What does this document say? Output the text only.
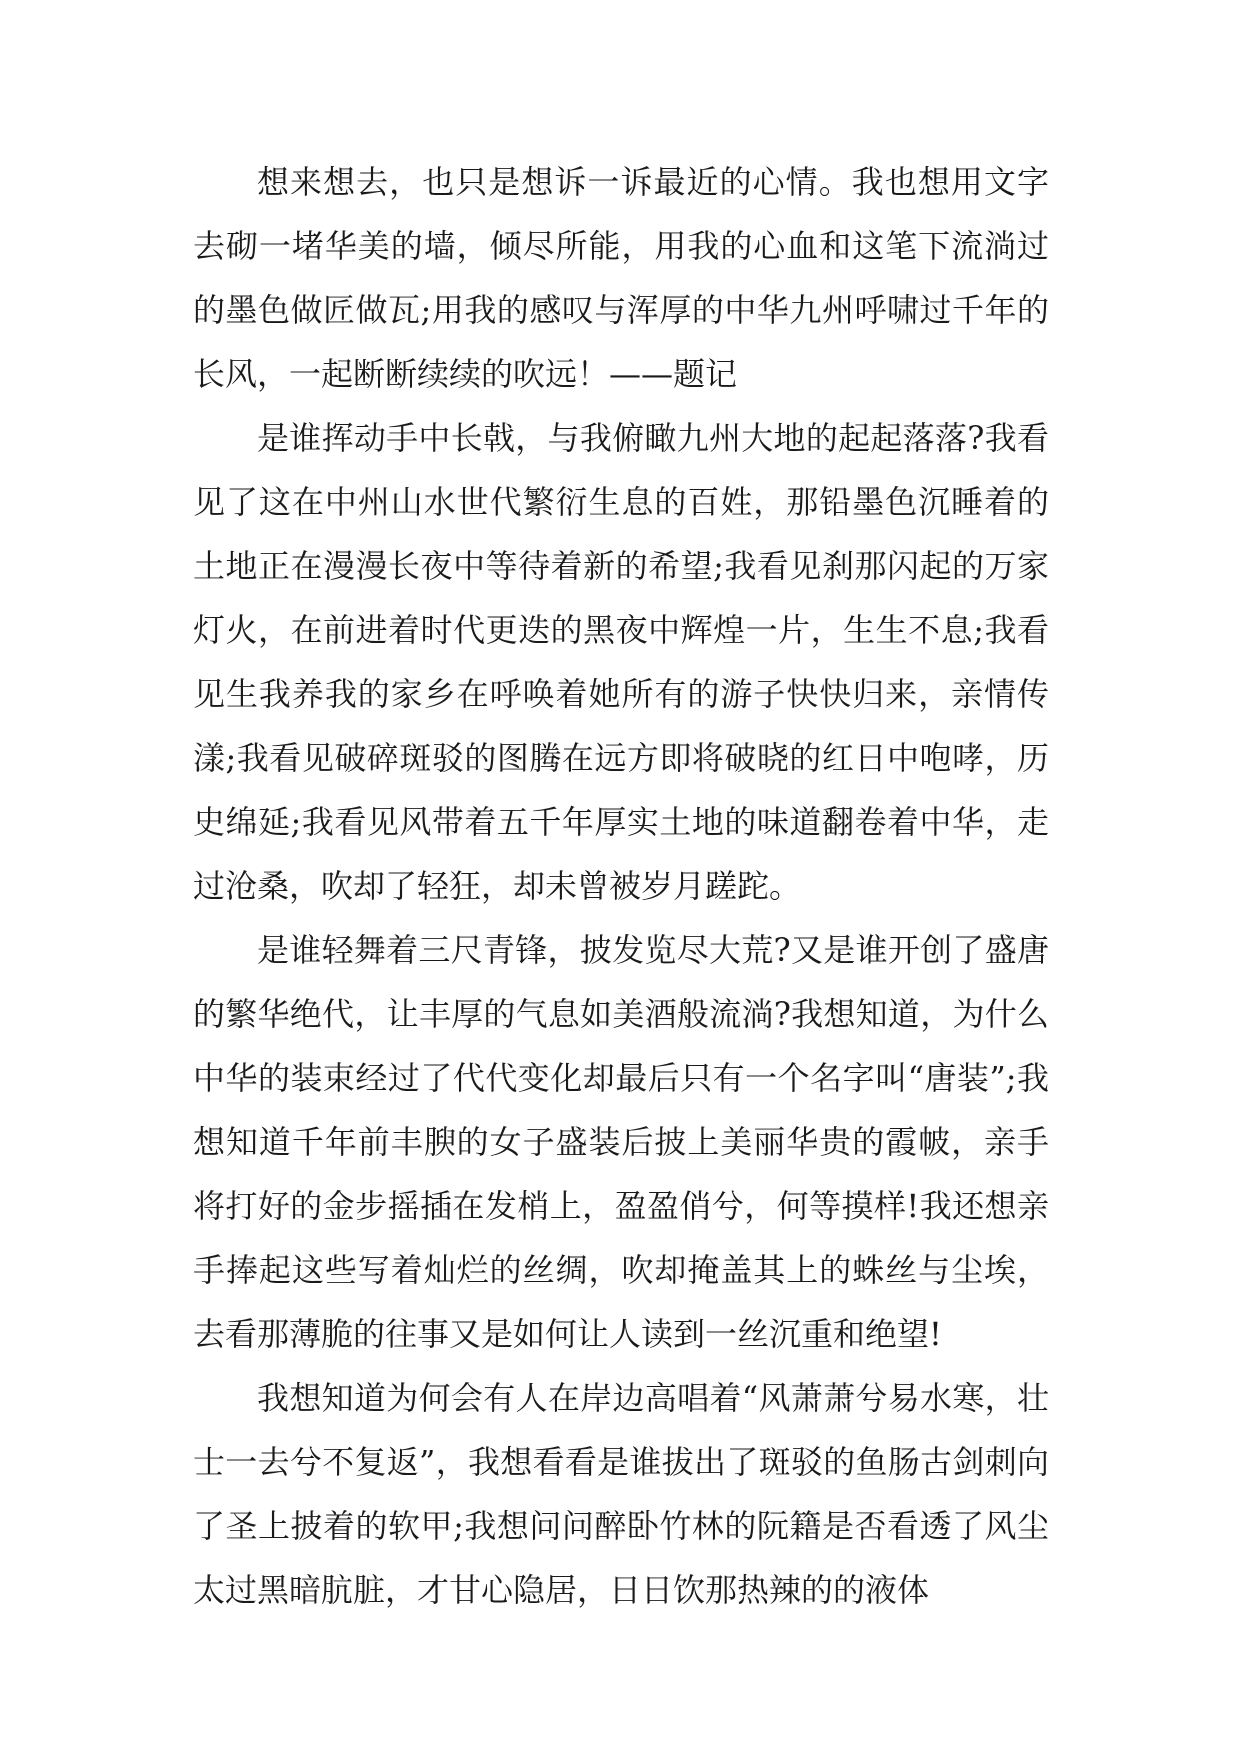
想来想去，也只是想诉一诉最近的心情。我也想用文字去砌一堵华美的墙，倾尽所能，用我的心血和这笔下流淌过的墨色做匠做瓦;用我的感叹与浑厚的中华九州呼啸过千年的长风，一起断断续续的吹远！——题记

是谁挥动手中长戟，与我俯瞰九州大地的起起落落?我看见了这在中州山水世代繁衍生息的百姓，那铅墨色沉睡着的土地正在漫漫长夜中等待着新的希望;我看见刹那闪起的万家灯火，在前进着时代更迭的黑夜中辉煌一片，生生不息;我看见生我养我的家乡在呼唤着她所有的游子快快归来，亲情传漾;我看见破碎斑驳的图腾在远方即将破晓的红日中咆哮，历史绵延;我看见风带着五千年厚实土地的味道翻卷着中华，走过沧桑，吹却了轻狂，却未曾被岁月蹉跎。

是谁轻舞着三尺青锋，披发览尽大荒?又是谁开创了盛唐的繁华绝代，让丰厚的气息如美酒般流淌?我想知道，为什么中华的装束经过了代代变化却最后只有一个名字叫“唐装”;我想知道千年前丰腴的女子盛装后披上美丽华贵的霞帔，亲手将打好的金步摇插在发梢上，盈盈俏兮，何等摸样!我还想亲手捧起这些写着灿烂的丝绸，吹却掩盖其上的蛛丝与尘埃，去看那薄脆的往事又是如何让人读到一丝沉重和绝望!

我想知道为何会有人在岸边高唱着“风萧萧兮易水寒，壮士一去兮不复返”，我想看看是谁拔出了斑驳的鱼肠古剑刺向了圣上披着的软甲;我想问问醉卧竹林的阮籍是否看透了风尘太过黑暗肮脏，才甘心隐居，日日饮那热辣的的液体
